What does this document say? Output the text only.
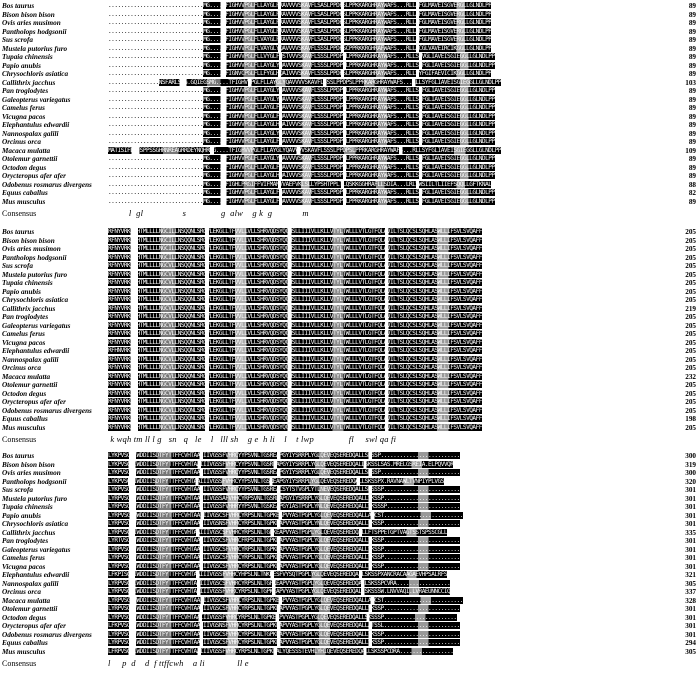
Bos taurus	..............................MG....TFIGHVVPGLFLLAYGLFRAVVVVSKAVFLSASLPPDPSLPPKKARGHRAYWAFS...RLLAFGLMAVEISGVERGLLGLNDLPP	89
Bison bison bison	..............................MG....TFIGHVVPGLFLLAYGLFRAVVVVSKAVFLSASLPPDPSLPPKKARGHRAYWAFS...RLLAFGLMAVEISGVERGLLGLNDLPP	89
Ovis aries musimon	..............................MG....TFIGHVVPGLFLLAYGLFRAVVVVSKAVFLSASLPPDPSLPPKKARGHRAYWAFS...RLLAFGLMAVEISGVERGLLGLNDLPP	89
Pantholops hodgsonii	..............................MG....TFIGHVVPGLFLLAYGLFRAVVVVSKAVFLSASLPPDPSLPPKKARGHRAYWAFS...RLLAFGLMAVEISGVERGLLGLNDLPP	89
Sus scrofa	..............................MG....TFIGHVVPGLFLVAYGLFRAVVVVSKAVFLSASLPPDPSLPPKKARGHRAYWAFS...RLLAFGLMAVEISGVERGLLGLNDLPP	89
Mustela putorius furo	..............................MG....TFIGHVVPGLFLVAYGLYQAVVVVSKAVFLSSSLPPDPSCPPRKKRGHRAFWAFS...RLLACGLVAVEIRCIKGGLLGLNDLPP	89
Tupaia chinensis	..............................MG....TFIGHVVPGLFLLVYGLFQSTVVVSKAVFLSSSLPPDPSLPPRKARGHRAYWAFS...RLLSYVGLIAVEISGIEGGLLGLNDLPP	89
Papio anubis	..............................MG....TFIGHVVPGLFLLAYGLYQAVVVVSKAVFLSSSLPPDPSLPPRKARGHRAYWAFS...RLLSYFGLIAVEISGIEGGLLGLNDLPP	89
Chrysochloris asiatica	..............................MG....NFIGNVCPGLFLLFYGLHQAIVVVSKAVFLSSSLPPDPSLPPRKARGHRAYWAFS...RLLSYFGIFAEVICIKGGLLGLNDLPP	89
Callithrix jacchus	................NSFARLSFG.GQIEGSMG....TFIGHVVPGLFLLAYGLYQAVVVVSKAVFLSSSLPPDPSLPPRKARGHRAYWAFS...RLLSYFGLIAVEISGIEGGLLGLNDLPP	103
Pan troglodytes	..............................MG....TFIGHVVPGLFLLAYGLYQAVVVVSKAVFLSSSLPPDPSLPPRKARGHRAYWAFS...RLLSYFGLIAVEISGIEGGLLGLNDLPP	89
Galeopterus variegatus	..............................MG....TFIGHVVPGLFLLAYGLYQAVVVVSKAVFLSSSLPPDPSLPPRKARGHRAYWAFS...RLLSYFGLIAVEISGIEGGLLGLNDLPP	89
Camelus ferus	..............................MG....TFIGHVVPGLFLLAYGLFQAVVVVSKAVFLSSSLPPDPSLPPRKARGHRAYWAFS...RLLSYFGLIAVEISGIEGGLLGLNDLPP	89
Vicugna pacos	..............................MG....TFIGHVVPGLFLLAYGLFQAVVVVSKAVFLSSSLPPDPSLPPRKARGHRAYWAFS...RLLSYFGLIAVEISGIEGGLLGLNDLPP	89
Elephantulus edwardii	..............................MG....NFIGHVVPGLFLLAYGLHQAIVVVSKAVFLSSSLPPDPSLPPRKARGHRAYWAFS...RLLSYFGLIAVEISGIEGGLLGLNDLPP	89
Nannospalax galili	..............................MG....TFIGHVVPGLFLLAYGLYQAVVVVSKAVFLSSSLPPDPSLPPRKARGHRAYWAFS...RLLSYFGLIAVEISGIEGGLLGLNDLPP	89
Orcinus orca	..............................MG....TFIGHVVPGLFLLAYGLFQAVVVVSKAVFLSSSLPPDPSLPPRKARGHRAYWAFS...RLLSYFGLIAVEISGIEGGLLGLNDLPP	89
Macaca mulatta	MATISIFLSFSPPSSGHRNREAGRRDEYNQHRMG....TFIGHVVPGLFLLAYGLYQAVVVVSKAVFLSSSLPPDPSLPPRKARGHRAYWAFS...RLLSYFGLIAVEISGIEGGLLGLNDLPP	109
Otolemur garnettii	..............................MG....TFIGHVVPGLFLLAYGLYQAVVVVSKAVFLSSSLPPDPSLPPRKARGHRAYWAFS...RLLSYFGLIAVEISGIEGGLLGLNDLPP	89
Octodon degus	..............................MG....TFIGHVVPGLFLLAYGLFQAVVVVSKAVFLSSSLPPDPSLPPRKARGHRAYWAFS...RLLSYFGLIAVEISGIEGGLLGLNDLPP	89
Orycteropus afer afer	..............................MG....NFIGHVVPGLFLLAYGLHQAIVVVSKAVFLSSSLPPDPSLPPRKARGHRAYWAFS...RLLSYFGLIAVEISGIEGGLLGLNDLPP	89
Odobenus rosmarus divergens	..............................MG....SFIGHLPRGIFFVIFMAMVVAEFVKLSLLYPSHTPPLTLQSKKGGHRAFLLSDIA...LRLVWSIILTLIIEFSQQLLGFTKNAL	88
Equus caballus	..............................MG....TFIGHVVPGLFLLAYGLFQAVVVVSKAVFLSSSLPPDPSLPPRKARGHRAYWAFS...RLLSYFGLIAVEISGIEGGLLGLNDLPP	82
Mus musculus	..............................MG....TFIGHVVPGLFLLAYGLFQAVVVVSKAVFLSSSLPPDPSLPPRKARGHRAYWAFS...RLLSYFGLIAVEISGIEGGLLGLNDLPP	89
Consensus	l  gl                 s               g  alw    g k  g             m
Bos taurus	RFNYVRKVQHTMLLLLNGCILLNSQQNLSRCVLEKGLLTFVVLLVLLSHRVQDSYQCHSLLIIIVLLKLLVTYLTWLLLVTLGTFQLAVILTSLQCSLSQHLASWLLIFSVLSVQAFF	205
Bison bison bison	RFNYVRKVQHTMLLLLNGCILLNSQQNLSRCVLEKGLLTFVVLLVLLSHRVQDSYQCHSLLIIIVLLKLLVTYLTWLLLVTLGTFQLAVILTSLQCSLSQHLASWLLIFSVLSVQAFF	205
Ovis aries musimon	RFNYVRKVQHTMLLLLNGCILLNSQQNLSRCVLEKGLLTFVVLLVLLSHRVQDSYQCHSLLIIIVLLKLLVTYLTWLLLVTLGTFQLAVILTSLQCSLSQHLASWLLIFSVLSVQAFF	205
Pantholops hodgsonii	RFNYVRKVQHTMLLLLNGCILLNSQQNLSRCVLEKGLLTFVVLLVLLSHRVQDSYQCHSLLIIIVLLKLLVTYLTWLLLVTLGTFQLAVILTSLQCSLSQHLASWLLIFSVLSVQAFF	205
Sus scrofa	RFNYVRKVQHTMLLLLNGCVLLNSQQNLSRCVLEKGLLTFVVLLVLLSHRVQDSYQCHSLLIIIVLLKLLVTYLTWLLLVTLGTFQLAVILTSLQCSLSQHLASWLLIFSVLSVQAFF	205
Mustela putorius furo	RFNYVRKVQHTMLLLLNGCVLLNSQQNLSRCVLEKGLLTFVVLLVLLSHRVQDSYQCHSLLIIIVLLKLLVTYLTWLLLVTLGTFQLAVILTSLQCSLSQHLASWLLIFSVLSVQAFF	205
Tupaia chinensis	RFNYVRKVQHTMLLLLNGCVLLNSQQNLSRCVLEKGLLTFVVLLVLLSHRVQDSYQCHSLLIIIVLLKLLVTYLTWLLLVTLGTFQLAVILTSLQCSLSQHLASWLLIFSVLSVQAFF	205
Papio anubis	RFNYVRKVQHTMLLLLNGCVLLNSQQNLSRCVLEKGLLTFVVLLVLLSHRVQDSYQCHSLLIIIVLLKLLVTYLTWLLLVTLGTFQLAVILTSLQCSLSQHLASWLLIFSVLSVQAFF	205
Chrysochloris asiatica	RFNYVRKVQHTMLLLLNGCVLLNSQQNLSRCVLEKGLLTFVVLLVLLSHRVQDSYQCHSLLIIIVLLKLLVTYLTWLLLVTLGTFQLAVILTSLQCSLSQHLASWLLIFSVLSVQAFF	205
Callithrix jacchus	RFNYVRKVQHTMLLLLNGCVLLNSQQNLSRCVLEKGLLTFVVLLVLLSHRVQDSYQCHSLLIIIVLLKLLVTYLTWLLLVTLGTFQLAVILTSLQCSLSQHLASWLLIFSVLSVQAFF	219
Pan troglodytes	RFNYVRKVQHTMLLLLNGCVLLNSQQNLSRCVLEKGLLTFVVLLVLLSHRVQDSYQCHSLLIIIVLLKLLVTYLTWLLLVTLGTFQLAVILTSLQCSLSQHLASWLLIFSVLSVQAFF	205
Galeopterus variegatus	RFNYVRKVQHTMLLLLNGCVLLNSQQNLSRCVLEKGLLTFVVLLVLLSHRVQDSYQCHSLLIIIVLLKLLVTYLTWLLLVTLGTFQLAVILTSLQCSLSQHLASWLLIFSVLSVQAFF	205
Camelus ferus	RFNYVRKVQHTMLLLLNGCVLLNSQQNLSRCVLEKGLLTFVVLLVLLSHRVQDSYQCHSLLIIIVLLKLLVTYLTWLLLVTLGTFQLAVILTSLQCSLSQHLASWLLIFSVLSVQAFF	205
Vicugna pacos	RFNYVRKVQHTMLLLLNGCVLLNSQQNLSRCVLEKGLLTFVVLLVLLSHRVQDSYQCHSLLIIIVLLKLLVTYLTWLLLVTLGTFQLAVILTSLQCSLSQHLASWLLIFSVLSVQAFF	205
Elephantulus edwardii	RFHNVRKVQHTMLLLLNGCVLLNSQQNLSRCVLEKGLLTFVVLLVLLSHRVQDSYQCHSLLIIIVLLKLLVTYLTWLLLVTLGTFQLAVILTSLQCSLSQHLASWLLIFSVLSVQAFF	205
Nannospalax galili	RFNYVRKVQHTMLLLLNGCVLLNSQQNLSRCVLEKGLLTFVVLLVLLSHRVQDSYQCHSLLIIIVLLKLLVTYLTWLLLVTLGTFQLAVILTSLQCSLSQHLASWLLIFSVLSVQAFF	205
Orcinus orca	RFNYVRKVQHTMLLLLNGCVLLNSQQNLSRCVLEKGLLTFVVLLVLLSHRVQDSYQCHSLLIIIVLLKLLVTYLTWLLLVTLGTFQLAVILTSLQCSLSQHLASWLLIFSVLSVQAFF	205
Macaca mulatta	RFNYVRKVQHTMLLLLNGCVLLNSQQNLSRCVLEKGLLTFVVLLVLLSHRVQDSYQCHSLLIIIVLLKLLVTYLTWLLLVTLGTFQLAVILTSLQCSLSQHLASWLLIFSVLSVQAFF	232
Otolemur garnettii	RFNYVRKVQHTMLLLLNGCVLLNSQQNLSRCVLEKGLLTFVVLLVLLSHRVQDSYQCHSLLIIIVLLKLLVTYLTWLLLVTLGTFQLAVILTSLQCSLSQHLASWLLIFSVLSVQAFF	205
Octodon degus	RFNYVRKVQHTMLLLLNGCVLLNSQQNLSRCVLEKGLLTFVVLLVLLSHRVQDSYQCHSLLIIIVLLKLLVTYLTWLLLVTLGTFQLAVILTSLQCSLSQHLASWLLIFSVLSVQAFF	205
Orycteropus afer afer	RFNYVRKVQHTMLLLLNGCVLLNSQQNLSRCVLEKGLLTFVVLLVLLSHRVQDSYQCHSLLIIIVLLKLLVTYLTWLLLVTLGTFQLAVILTSLQCSLSQHLASWLLIFSVLSVQAFF	205
Odobenus rosmarus divergens	RFNYVRKVQHTMLLLLNGCVLLNSQQNLSRCVLEKGLLTFVVLLVLLSHRVQDSYQCHSLLIIIVLLKLLVTYLTWLLLVTLGTFQLAVILTSLQCSLSQHLASWLLIFSVLSVQAFF	205
Equus caballus	RFNYVRKVQHTMLLLLNGCVLLNSQQNLSRCVLEKGLLTFVVLLVLLSHRVQDSYQCHSLLIIIVLLKLLVTYLTWLLLVTLGTFQLAVILTSLQCSLSQHLASWLLIFSVLSVQAFF	198
Mus musculus	RFNYVRKVQHTMLLLLNGCVLLNSQQNLSRCVLEKGLLTFVVLLVLLSHRVQDSYQCHSLLIIIVLLKLLVTYLTWLLLVTLGTFQLAVILTSLQCSLSQHLASWLLIFSVLSVQAFF	205
Consensus	k wqh tm ll l g   sn   q   le    l   lll sh    g e  h li    l    t lwp               fl     swl qa fi
Bos taurus	LYKPVSGYIWDDIISDTFYTTFFCVHTAAIIIVGSSFVHRCYYPSVNLTGSREAPGYIYSRRPLYGLQEVEQSEREDQALLSKSSP.........................	300
Bison bison bison	LYKPVSGYIWDDIISDTFYTTFFCVHTAAIIIVGSSFVHRCYYPSVNLTGSREAPGYIYSRRPLYGLQEVEQSEREDQALLSKSSLSAS.MRELGSREIA.ELPQVVQR	319
Ovis aries musimon	LYKPVSGYIWDDIISDTFYTTFFCVHTAAIIIVGSSFVHRCYYPSVNLTGSREAPGYIYSRRPLYGLQEVEQSEREDQALLSKSSP.........................	300
Pantholops hodgsonii	LYKPVSGYIWDDIISDTFYTTFFCVHTAAIIIVGSSFVHRCYYPSVNLTGSREAPGYIYSRRPLYGLQEVEQSEREDQALLSKSSPX.RAVNAWLTVNPIYPLVGS	320
Sus scrofa	LYKPVSGYIWDDIISDTFYTTFFCVHTAAIIIVGSSFVHRCYYPSVNLTGSREACSYTSTVGPLYTLNEVEQSEREDQALLSKSSSP........................	301
Mustela putorius furo	LYRPVSGYIWDDIISDTFYTTFFCVHTAAIIIVGSSAFVHHCYRPSVNLTGSREAPGYIYSRRPLYGLQEVEQSEREDQALLSKSSP........................	301
Tupaia chinensis	LYRPVSGYIWDDIISDTFYTTFFCVHTAAIIIVGSSFVHHRYYPSVNLTGSKEAPGYIASTPGPLYNLQEVEQSEREDQALLSKSSSP.......................	301
Papio anubis	LYRPVSGYIWDDIISDTFYTTFFCVHTAAIIIVGSCSFVHRCYRPSLNLTGPKEAPVYASTPGPLYGLQEVEQSEREDQALLASCST.........................	301
Chrysochloris asiatica	LYRPVSGYIWDDIISDTFYTTFFCVHTAAIIIVGSNSFVHRCYRPSLNLTGPKEAPVYASTPGPLYNLQEVEQSEREDQALLSKSSP........................	301
Callithrix jacchus	LYRPVSGYIWDDIISDTFYTTFFCVHTAAIIIVGSCSFVHRCYRPSLNLTGPKEAPVYASTPGPLYGLQEVEQSEREDQALLFTSPPETGPTVAGTSSTSPSSCGLL	335
Pan troglodytes	LYRTVSGYIWDDIISDTFYTTFFCVHTAAIIIVGSCSFVHRCFRPSLNLTGPKEAPVYASTPGPLYGLQEVEQSEREDQALLSKSSP........................	301
Galeopterus variegatus	LYRPVSGYIWDDIISDTFYTTFFCVHTAAIIIVGSCSFVHRCYRPSLNLTGPKEAPVYASTPGPLYGLQEVEQSEREDQALLSKSSP........................	301
Camelus ferus	LYRPVSGYIWDDIISDTFYTTFFCVHTAAIIIVGSCSFVHRCYRPSLNLTGPKEAPVYASTPGPLYGLQEVEQSEREDQALLSKSSP........................	301
Vicugna pacos	LYRPVSGYIWDDIISDTFYTTFFCVHTAAIIIVGSCSFVHRCYRPSLNLTGPKEAPVYASTPGPLYGLQEVEQSEREDQALLSKSSP........................	301
Elephantulus edwardii	LFKPISGYIWDDIISDTFYTTFFCVHTAAIIIVGSSFVHHCYHPSLNLTNKKESFVYSQTPGPLYGLQEVEQSEREDQALLSKSSPXANCRACAAGAEVHPSALRFS	321
Nannospalax galili	LYRPVSGYIWDDIISDTFYTTFFCVHTAAIIIVGSCSFVHRCYRPSLNLTGPKEAPVYASTPGPLYGLQEVEQSEREDQALLSKSSPCVRA.................	305
Orcinus orca	LYRPVSGYIWDDIISDTFYTTFFCVHTAAIIIVGSSFVHRCYRPSLNLTGPKEAPVYASTPGPLYGLQEVEQSEREDQALLSKSSSW.LNVVAQI.LVRAEUNNCCIQ	337
Macaca mulatta	LYRPVSGYIWDDIISDTFYTTFFCVHTAAIIIVGSCSFVHRCYRPSLNLTGPKEAPVYASTPGPLYGLQEVEQSEREDQALLASCST.........................	328
Otolemur garnettii	LYRPVSGYIWDDIISDTFYTTFFCVHTAAIIIVGSCSFVHRCYRPSLNLTGPKEAPVYASTPGPLYGLQEVEQSEREDQALLSKSSP........................	301
Octodon degus	LYRPVSGYIWDDIISDTFYTTFFCVHTAAIIIVGSSFVHRCYRPSLNLTGPKEAPVYASTPGPLYGLQEVEQSEREDQALLSKSSSP.......................	301
Orycteropus afer afer	LFKPVSGYIWDDIISDTFYTTFFCVHTAAIIIVGSNSFVHRCYRPSLNLTGPKEAPVYASTPGPLYGLQEVEQSEREDQALLATSSL........................	301
Odobenus rosmarus divergens	LYRPVSGYIWDDIISDTFYTTFFCVHTAAIIIVGSCSFVHRCYRPSLNLTGPKEAPVYASTPGPLYGLQEVEQSEREDQALLSKSSP........................	301
Equus caballus	LYRPVSGYIWDDIISDTFYTTFFCVHTAAIIIVGSCSFVHRCYRPSLNLTGPKEAPVYASTPGPLYGLQEVEQSEREDQALLSKSSP........................	294
Mus musculus	LFRPVSGYIWDDIISDTFYTTFFCVHTAAIIIVGSSFVHRCYRPSLNLTGPKEALYQESSSTEVHLYHIQEVEQSEREDQALLSKSSPCDRA.................	305
Consensus	l     p  d    d  f ttffcwh    a li              ll e
